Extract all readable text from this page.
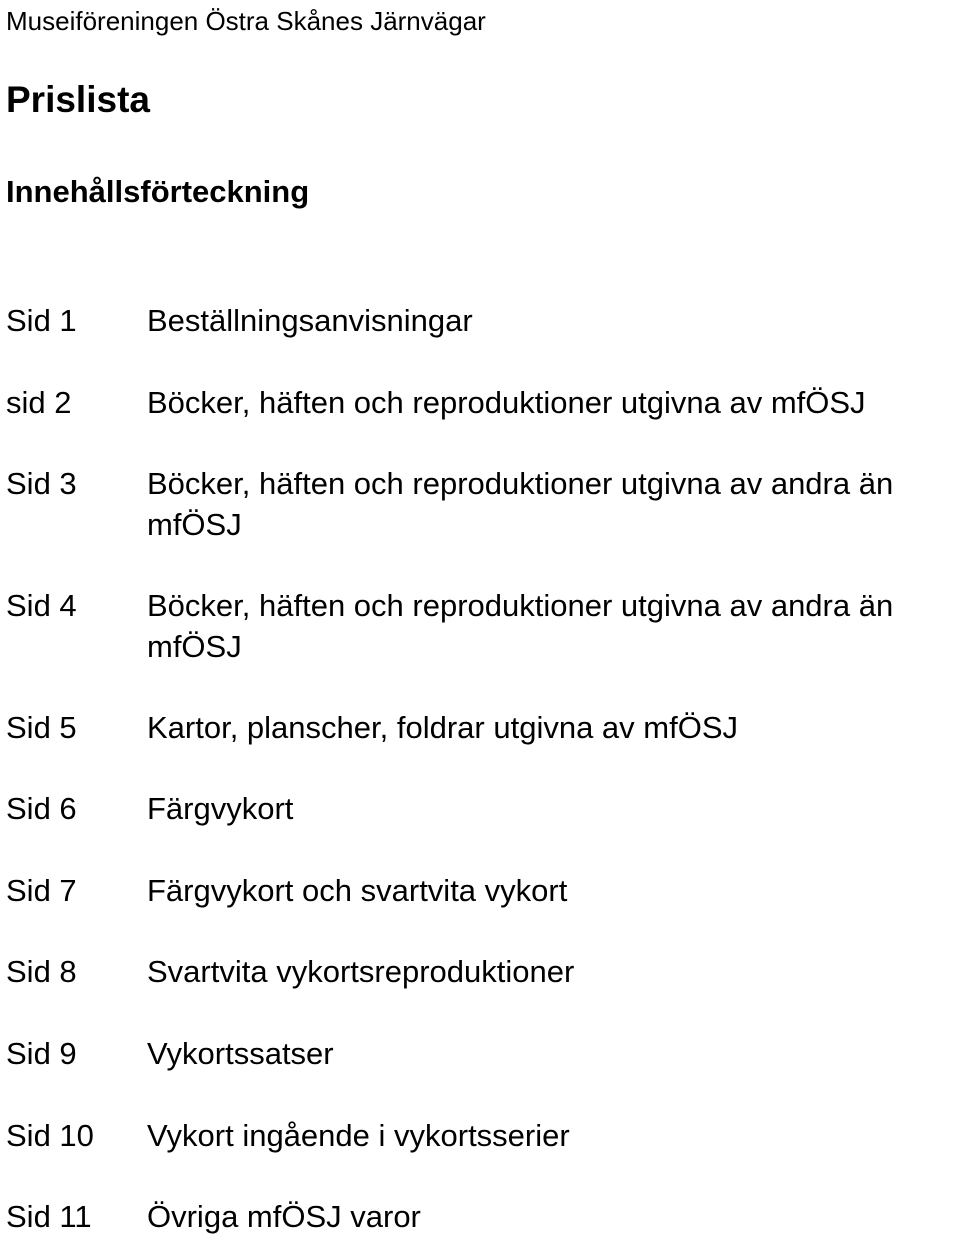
Museiföreningen Östra Skånes Järnvägar
Prislista
Innehållsförteckning
Sid 1 Beställningsanvisningar
sid 2 Böcker, häften och reproduktioner utgivna av mfÖSJ
Sid 3 Böcker, häften och reproduktioner utgivna av andra än mfÖSJ
Sid 4 Böcker, häften och reproduktioner utgivna av andra än mfÖSJ
Sid 5 Kartor, planscher, foldrar utgivna av mfÖSJ
Sid 6 Färgvykort
Sid 7 Färgvykort och svartvita vykort
Sid 8 Svartvita vykortsreproduktioner
Sid 9 Vykortssatser
Sid 10 Vykort ingående i vykortsserier
Sid 11 Övriga mfÖSJ varor
